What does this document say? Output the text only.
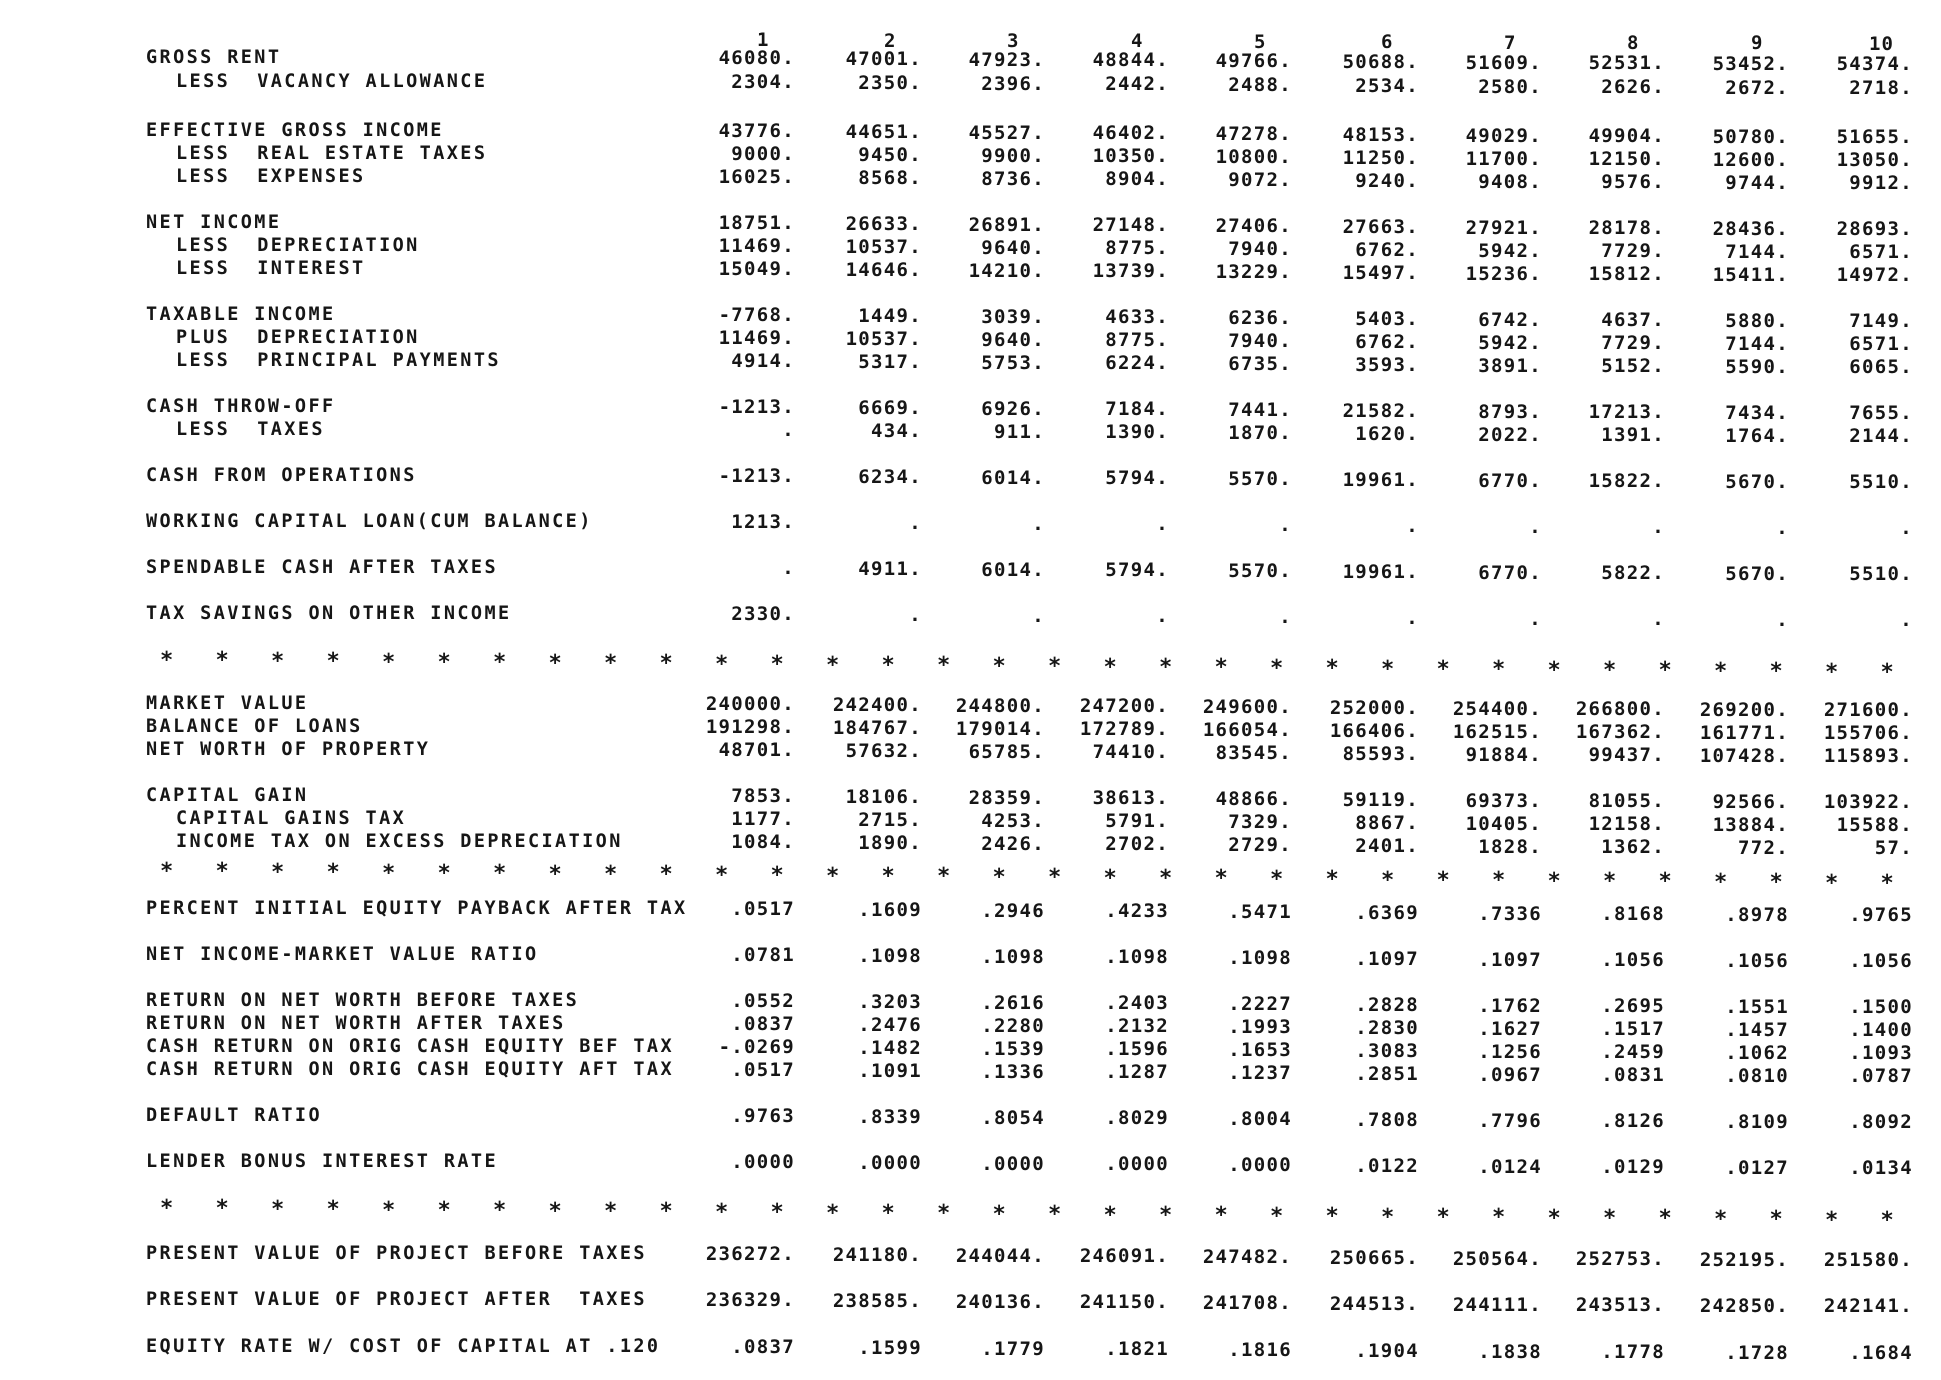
1	2	3	4	5	6	7	8	9	10
GROSS RENT	46080.	47001.	47923.	48844.	49766.	50688.	51609.	52531.	53452.	54374.
LESS  VACANCY ALLOWANCE	2304.	2350.	2396.	2442.	2488.	2534.	2580.	2626.	2672.	2718.
EFFECTIVE GROSS INCOME	43776.	44651.	45527.	46402.	47278.	48153.	49029.	49904.	50780.	51655.
LESS  REAL ESTATE TAXES	9000.	9450.	9900.	10350.	10800.	11250.	11700.	12150.	12600.	13050.
LESS  EXPENSES	16025.	8568.	8736.	8904.	9072.	9240.	9408.	9576.	9744.	9912.
NET INCOME	18751.	26633.	26891.	27148.	27406.	27663.	27921.	28178.	28436.	28693.
LESS  DEPRECIATION	11469.	10537.	9640.	8775.	7940.	6762.	5942.	7729.	7144.	6571.
LESS  INTEREST	15049.	14646.	14210.	13739.	13229.	15497.	15236.	15812.	15411.	14972.
TAXABLE INCOME	-7768.	1449.	3039.	4633.	6236.	5403.	6742.	4637.	5880.	7149.
PLUS  DEPRECIATION	11469.	10537.	9640.	8775.	7940.	6762.	5942.	7729.	7144.	6571.
LESS  PRINCIPAL PAYMENTS	4914.	5317.	5753.	6224.	6735.	3593.	3891.	5152.	5590.	6065.
CASH THROW-OFF	-1213.	6669.	6926.	7184.	7441.	21582.	8793.	17213.	7434.	7655.
LESS  TAXES	.	434.	911.	1390.	1870.	1620.	2022.	1391.	1764.	2144.
CASH FROM OPERATIONS	-1213.	6234.	6014.	5794.	5570.	19961.	6770.	15822.	5670.	5510.
WORKING CAPITAL LOAN(CUM BALANCE)	1213.	.	.	.	.	.	.	.	.	.
SPENDABLE CASH AFTER TAXES	.	4911.	6014.	5794.	5570.	19961.	6770.	5822.	5670.	5510.
TAX SAVINGS ON OTHER INCOME	2330.	.	.	.	.	.	.	.	.	.
MARKET VALUE	240000.	242400.	244800.	247200.	249600.	252000.	254400.	266800.	269200.	271600.
BALANCE OF LOANS	191298.	184767.	179014.	172789.	166054.	166406.	162515.	167362.	161771.	155706.
NET WORTH OF PROPERTY	48701.	57632.	65785.	74410.	83545.	85593.	91884.	99437.	107428.	115893.
CAPITAL GAIN	7853.	18106.	28359.	38613.	48866.	59119.	69373.	81055.	92566.	103922.
CAPITAL GAINS TAX	1177.	2715.	4253.	5791.	7329.	8867.	10405.	12158.	13884.	15588.
INCOME TAX ON EXCESS DEPRECIATION	1084.	1890.	2426.	2702.	2729.	2401.	1828.	1362.	772.	57.
PERCENT INITIAL EQUITY PAYBACK AFTER TAX	.0517	.1609	.2946	.4233	.5471	.6369	.7336	.8168	.8978	.9765
NET INCOME-MARKET VALUE RATIO	.0781	.1098	.1098	.1098	.1098	.1097	.1097	.1056	.1056	.1056
RETURN ON NET WORTH BEFORE TAXES	.0552	.3203	.2616	.2403	.2227	.2828	.1762	.2695	.1551	.1500
RETURN ON NET WORTH AFTER TAXES	.0837	.2476	.2280	.2132	.1993	.2830	.1627	.1517	.1457	.1400
CASH RETURN ON ORIG CASH EQUITY BEF TAX	-.0269	.1482	.1539	.1596	.1653	.3083	.1256	.2459	.1062	.1093
CASH RETURN ON ORIG CASH EQUITY AFT TAX	.0517	.1091	.1336	.1287	.1237	.2851	.0967	.0831	.0810	.0787
DEFAULT RATIO	.9763	.8339	.8054	.8029	.8004	.7808	.7796	.8126	.8109	.8092
LENDER BONUS INTEREST RATE	.0000	.0000	.0000	.0000	.0000	.0122	.0124	.0129	.0127	.0134
PRESENT VALUE OF PROJECT BEFORE TAXES	236272.	241180.	244044.	246091.	247482.	250665.	250564.	252753.	252195.	251580.
PRESENT VALUE OF PROJECT AFTER  TAXES	236329.	238585.	240136.	241150.	241708.	244513.	244111.	243513.	242850.	242141.
EQUITY RATE W/ COST OF CAPITAL AT .120	.0837	.1599	.1779	.1821	.1816	.1904	.1838	.1778	.1728	.1684
* * * * * * * * * * * * * * * * * * * * * * * * * * * * * * * *
* * * * * * * * * * * * * * * * * * * * * * * * * * * * * * * *
* * * * * * * * * * * * * * * * * * * * * * * * * * * * * * * *
